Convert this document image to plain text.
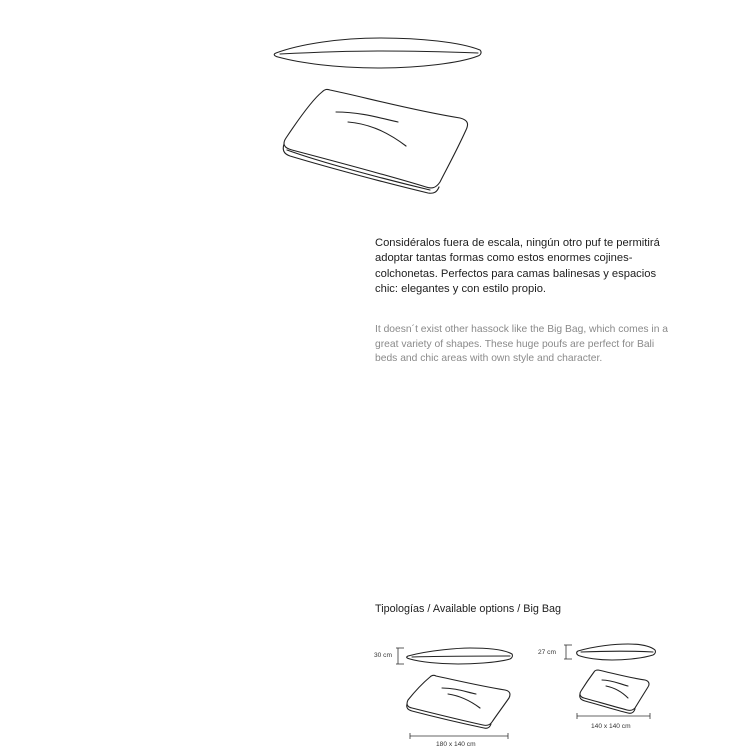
Considéralos fuera de escala, ningún otro puf te permitirá adoptar tantas formas como estos enormes cojines-colchonetas. Perfectos para camas balinesas y espacios chic: elegantes y con estilo propio.

It doesn´t exist other hassock like the Big Bag, which comes in a great variety of shapes. These huge poufs are perfect for Bali beds and chic areas with own style and character.

Tipologías / Available options / Big Bag
30 cm
180 x 140 cm
27 cm
140 x 140 cm
